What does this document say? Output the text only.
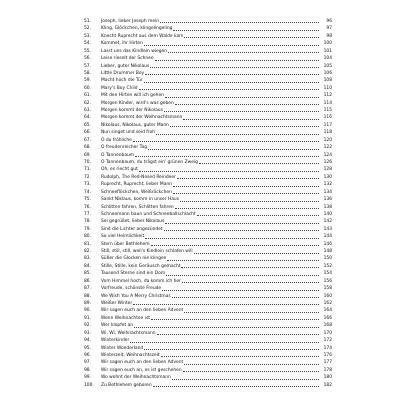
51.	Joseph, lieber Joseph mein	96
52.	Kling, Glöckchen, klingelingeling	97
53.	Knecht Ruprecht aus dem Walde kam	98
54.	Kommet, ihr Hirten	100
55.	Lasst uns das Kindlein wiegen	101
56.	Leise rieselt der Schnee	104
57.	Lieber, guter Nikolaus	105
58.	Little Drummer Boy	106
59.	Macht hoch die Tür	108
60.	Mary's Boy Child	110
61.	Mit den Hirten will ich gehen	112
62.	Morgen Kinder, wird's was geben	114
63.	Morgen kommt der Nikolaus	115
64.	Morgen kommt der Weihnachtsmann	116
65.	Nikolaus, Nikolaus, guter Mann	117
66.	Nun singet und seid froh	118
67.	O du fröhliche	120
68.	O freudenreicher Tag	122
69.	O Tannenbaum	124
70.	O Tannenbaum, du trägst ein' grünen Zweig	126
71.	Oh, es riecht gut	128
72.	Rudolph, The Red-Nosed Reindeer	130
73.	Ruprecht, Ruprecht, lieber Mann	132
74.	Schneeflöckchen, Weißröckchen	134
75.	Sankt Niklaus, komm in unser Haus	136
76.	Schlitten fahren, Schlitten fahren	138
77.	Schneemann baun und Schneeballschlacht	140
78.	Sei gegrüßet, lieber Nikolaus	142
79.	Sind die Lichter angezündet	143
80.	So viel Heimlichkeit	144
81.	Stern über Bethlehem	146
82.	Still, still, still, weil's Kindlein schlafen will	148
83.	Süßer die Glocken nie klingen	150
84.	Stille, Stille, kein Geräusch gemacht	152
85.	Tausend Sterne sind ein Dom	154
86.	Vom Himmel hoch, da komm ich her	156
87.	Vorfreude, schönste Freude	158
88.	We Wish You A Merry Christmas	160
89.	Weißer Winter	162
90.	Wir sagen euch an den lieben Advent	164
91.	Wenn Weihnachten ist	166
92.	Wer klopfet an	168
93.	Wi, Wi, Weihnachtsmann	170
94.	Winterkinder	172
95.	Winter Wonderland	174
96.	Winterzeit, Weihnachtszeit	176
97.	Wir sagen euch an den lieben Advent	177
98.	Wir sagen euch an, es ist geschehen	178
99.	Wo wohnt der Weihnachtsmann	180
100.	Zu Bethlehem geboren	182
